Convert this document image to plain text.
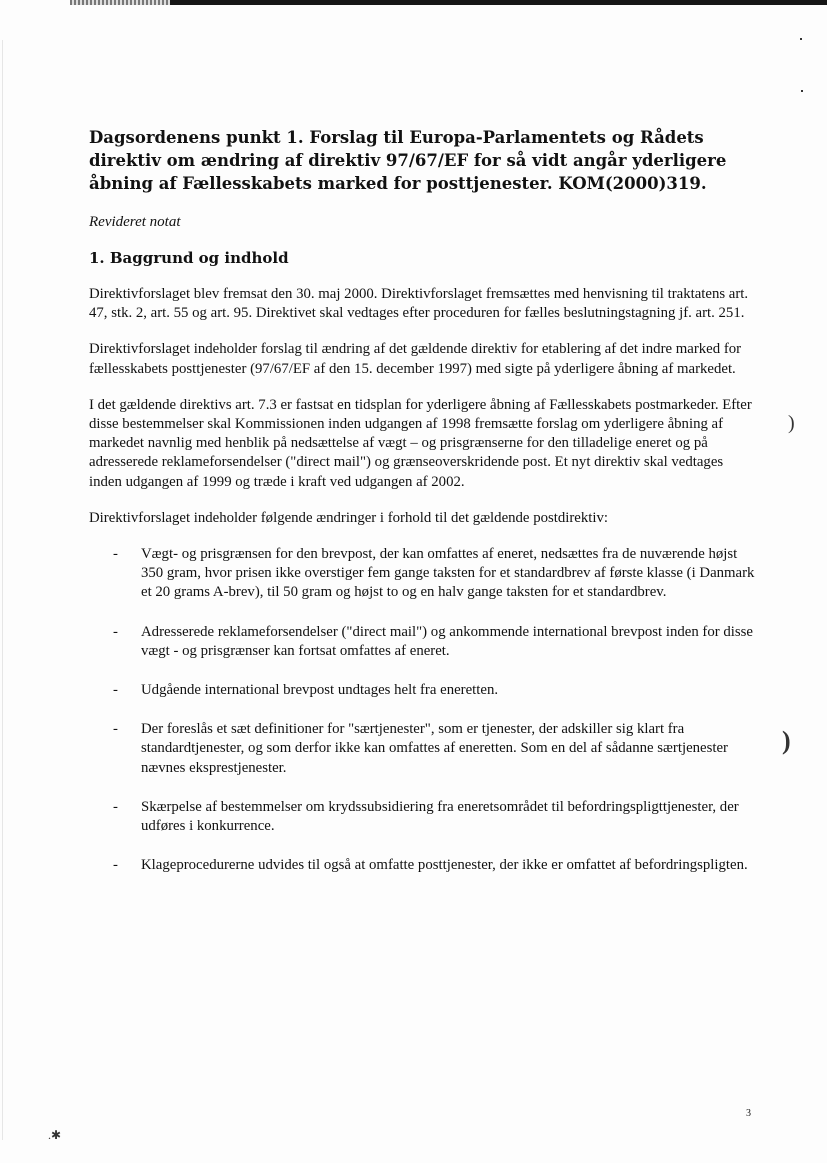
)
)
.✱
Dagsordenens punkt 1. Forslag til Europa-Parlamentets og Rådets direktiv om ændring af direktiv 97/67/EF for så vidt angår yderligere åbning af Fællesskabets marked for posttjenester. KOM(2000)319.

Revideret notat

1. Baggrund og indhold

Direktivforslaget blev fremsat den 30. maj 2000. Direktivforslaget fremsættes med henvisning til traktatens art. 47, stk. 2, art. 55 og art. 95. Direktivet skal vedtages efter proceduren for fælles beslutningstagning jf. art. 251.

Direktivforslaget indeholder forslag til ændring af det gældende direktiv for etablering af det indre marked for fællesskabets posttjenester (97/67/EF af den 15. december 1997) med sigte på yderligere åbning af markedet.

I det gældende direktivs art. 7.3 er fastsat en tidsplan for yderligere åbning af Fællesskabets postmarkeder. Efter disse bestemmelser skal Kommissionen inden udgangen af 1998 fremsætte forslag om yderligere åbning af markedet navnlig med henblik på nedsættelse af vægt – og prisgrænserne for den tilladelige eneret og på adresserede reklameforsendelser ("direct mail") og grænseoverskridende post. Et nyt direktiv skal vedtages inden udgangen af 1999 og træde i kraft ved udgangen af 2002.

Direktivforslaget indeholder følgende ændringer i forhold til det gældende postdirektiv:

- Vægt- og prisgrænsen for den brevpost, der kan omfattes af eneret, nedsættes fra de nuværende højst 350 gram, hvor prisen ikke overstiger fem gange taksten for et standardbrev af første klasse (i Danmark et 20 grams A-brev), til 50 gram og højst to og en halv gange taksten for et standardbrev.
- Adresserede reklameforsendelser ("direct mail") og ankommende international brevpost inden for disse vægt - og prisgrænser kan fortsat omfattes af eneret.
- Udgående international brevpost undtages helt fra eneretten.
- Der foreslås et sæt definitioner for "særtjenester", som er tjenester, der adskiller sig klart fra standardtjenester, og som derfor ikke kan omfattes af eneretten. Som en del af sådanne særtjenester nævnes eksprestjenester.
- Skærpelse af bestemmelser om krydssubsidiering fra eneretsområdet til befordringspligttjenester, der udføres i konkurrence.
- Klageprocedurerne udvides til også at omfatte posttjenester, der ikke er omfattet af befordringspligten.
3
